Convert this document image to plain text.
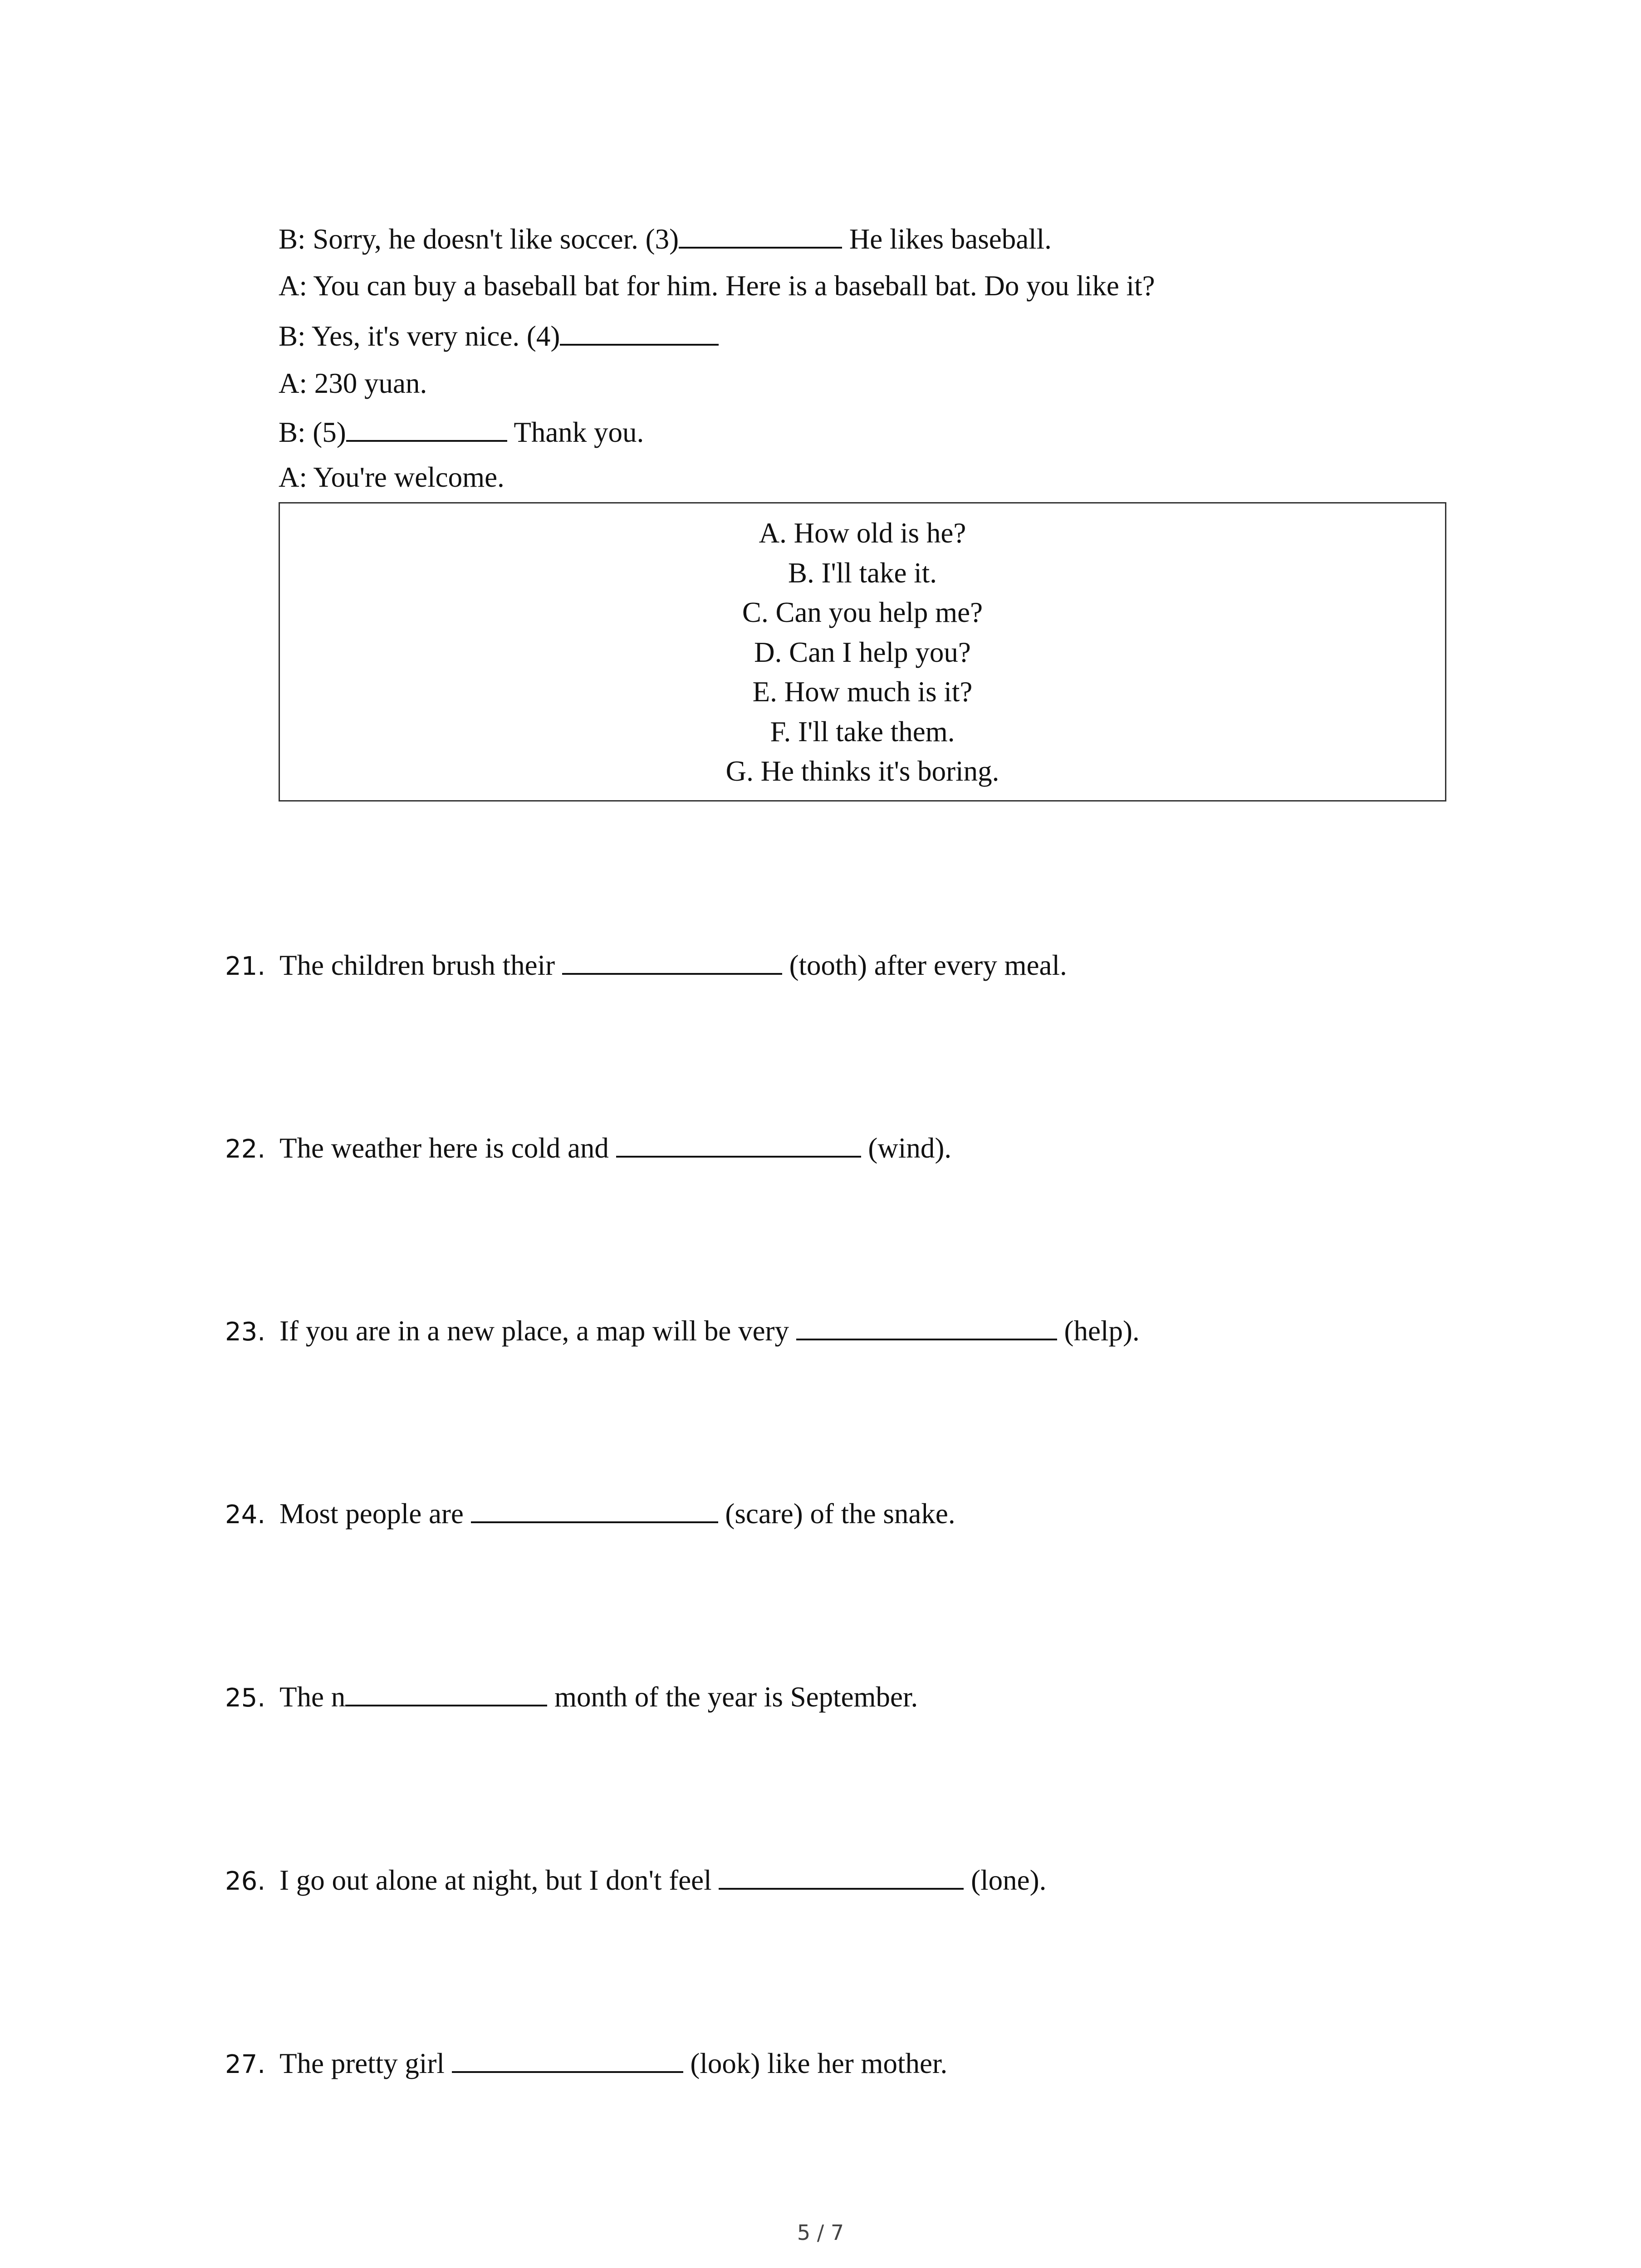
B: Sorry, he doesn't like soccer. (3)	He likes baseball.
A: You can buy a baseball bat for him. Here is a baseball bat. Do you like it?
B: Yes, it's very nice. (4)
A: 230 yuan.
B: (5)	Thank you.
A: You're welcome.
A. How old is he?
B. I'll take it.
C. Can you help me?
D. Can I help you?
E. How much is it?
F. I'll take them.
G. He thinks it's boring.
21. The children brush their	(tooth) after every meal.
22. The weather here is cold and	(wind).
23. If you are in a new place, a map will be very	(help).
24. Most people are	(scare) of the snake.
25. The n	month of the year is September.
26. I go out alone at night, but I don't feel	(lone).
27. The pretty girl	(look) like her mother.
5 / 7
